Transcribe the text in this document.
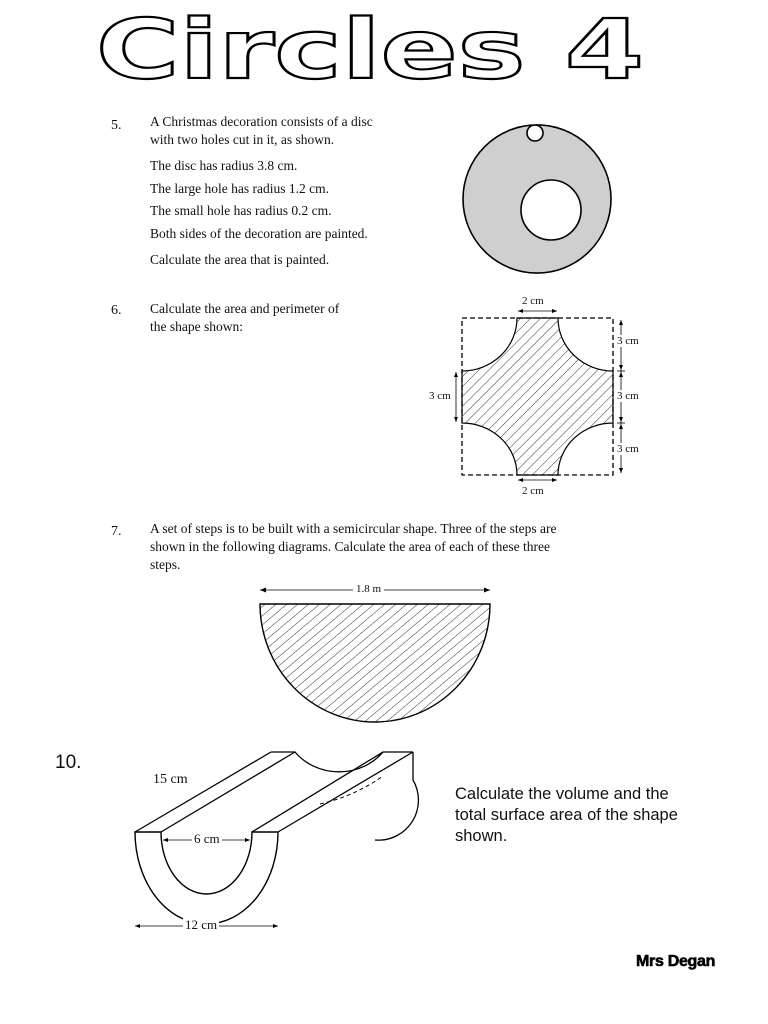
Circles 4
5. A Christmas decoration consists of a disc
with two holes cut in it, as shown.
The disc has radius 3.8 cm.
The large hole has radius 1.2 cm.
The small hole has radius 0.2 cm.
Both sides of the decoration are painted.
Calculate the area that is painted.
6. Calculate the area and perimeter of
the shape shown:
2 cm
2 cm
3 cm
3 cm
3 cm
3 cm
7. A set of steps is to be built with a semicircular shape. Three of the steps are
shown in the following diagrams. Calculate the area of each of these three
steps.
1.8 m
10.
15 cm
6 cm
12 cm
Calculate the volume and the
total surface area of the shape
shown.
Mrs Degan
